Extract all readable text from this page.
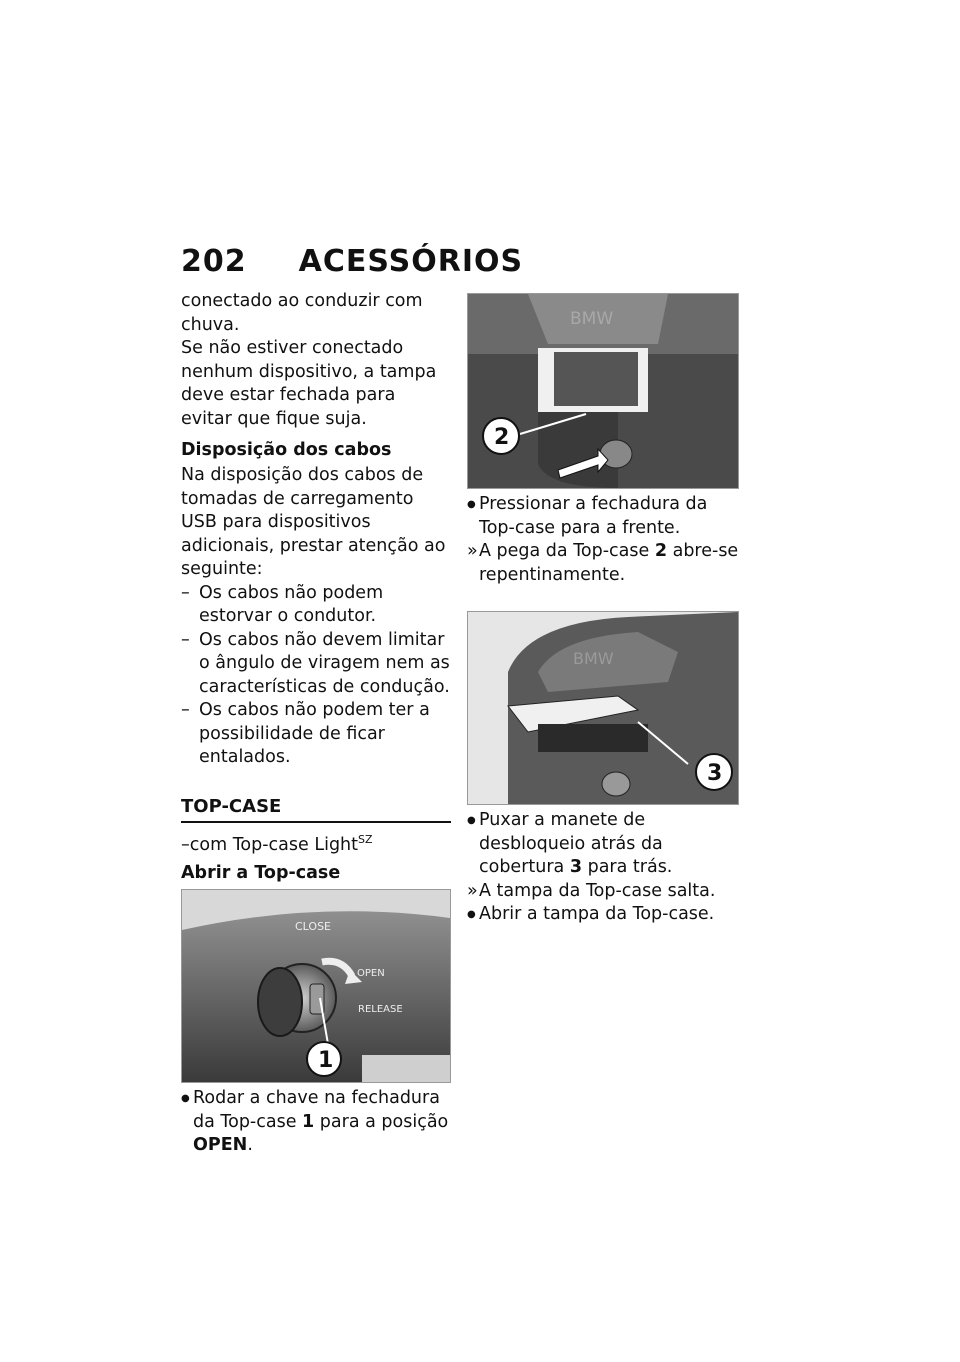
202 ACESSÓRIOS

conectado ao conduzir com chuva.

Se não estiver conectado nenhum dispositivo, a tampa deve estar fechada para evitar que fique suja.

Disposição dos cabos

Na disposição dos cabos de tomadas de carregamento USB para dispositivos adicionais, prestar atenção ao seguinte:

– Os cabos não podem estorvar o condutor.
– Os cabos não devem limitar o ângulo de viragem nem as características de condução.
– Os cabos não podem ter a possibilidade de ficar entalados.
TOP-CASE
–com Top-case Light$^{SZ}$
Abrir a Top-case
CLOSE
OPEN
RELEASE
1
● Rodar a chave na fechadura da Top-case 1 para a posição OPEN.
BMW
2
● Pressionar a fechadura da Top-case para a frente.
» A pega da Top-case 2 abre-se repentinamente.
BMW
3
● Puxar a manete de desbloqueio atrás da cobertura 3 para trás.
» A tampa da Top-case salta.
● Abrir a tampa da Top-case.
